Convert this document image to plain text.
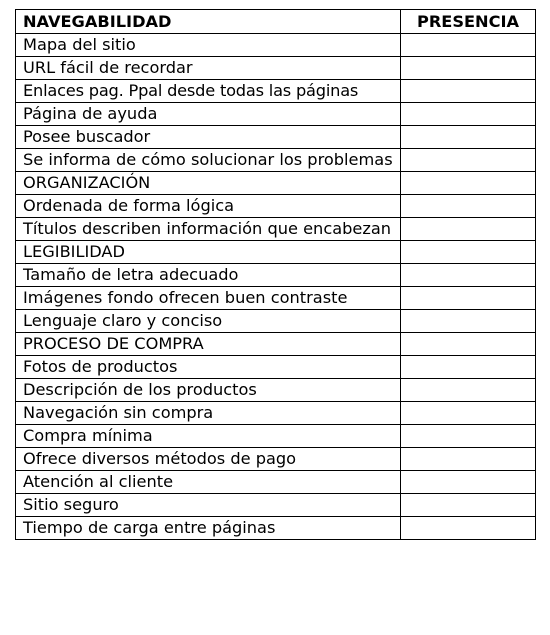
NAVEGABILIDAD	PRESENCIA
Mapa del sitio	
URL fácil de recordar	
Enlaces pag. Ppal desde todas las páginas	
Página de ayuda	
Posee buscador	
Se informa de cómo solucionar los problemas	
ORGANIZACIÓN	
Ordenada de forma lógica	
Títulos describen información que encabezan	
LEGIBILIDAD	
Tamaño de letra adecuado	
Imágenes fondo ofrecen buen contraste	
Lenguaje claro y conciso	
PROCESO DE COMPRA	
Fotos de productos	
Descripción de los productos	
Navegación sin compra	
Compra mínima	
Ofrece diversos métodos de pago	
Atención al cliente	
Sitio seguro	
Tiempo de carga entre páginas	
